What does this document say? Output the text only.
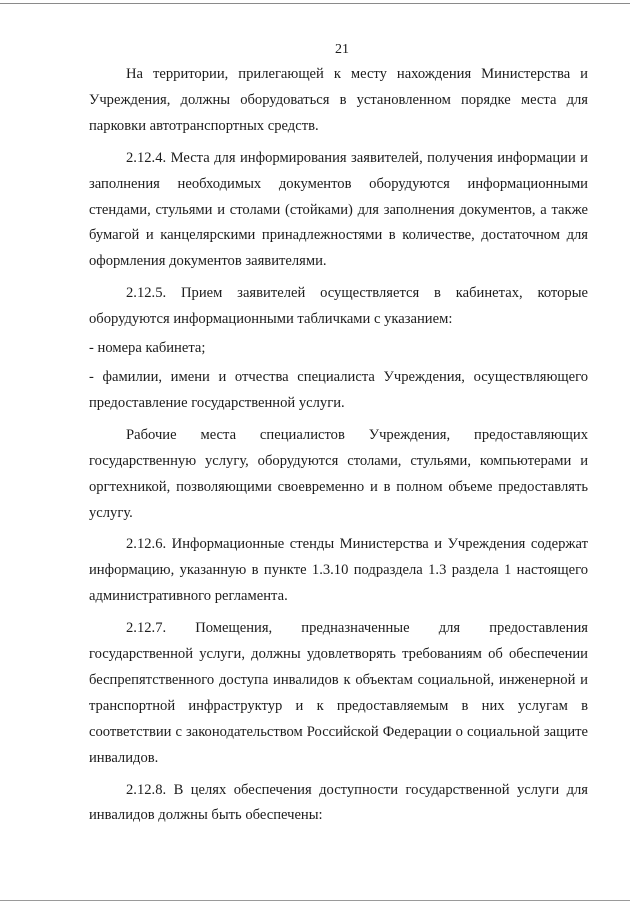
21

На территории, прилегающей к месту нахождения Министерства и Учреждения, должны оборудоваться в установленном порядке места для парковки автотранспортных средств.

2.12.4. Места для информирования заявителей, получения информации и заполнения необходимых документов оборудуются информационными стендами, стульями и столами (стойками) для заполнения документов, а также бумагой и канцелярскими принадлежностями в количестве, достаточном для оформления документов заявителями.

2.12.5. Прием заявителей осуществляется в кабинетах, которые оборудуются информационными табличками с указанием:

- номера кабинета;

- фамилии, имени и отчества специалиста Учреждения, осуществляющего предоставление государственной услуги.

Рабочие места специалистов Учреждения, предоставляющих государственную услугу, оборудуются столами, стульями, компьютерами и оргтехникой, позволяющими своевременно и в полном объеме предоставлять услугу.

2.12.6. Информационные стенды Министерства и Учреждения содержат информацию, указанную в пункте 1.3.10 подраздела 1.3 раздела 1 настоящего административного регламента.

2.12.7. Помещения, предназначенные для предоставления государственной услуги, должны удовлетворять требованиям об обеспечении беспрепятственного доступа инвалидов к объектам социальной, инженерной и транспортной инфраструктур и к предоставляемым в них услугам в соответствии с законодательством Российской Федерации о социальной защите инвалидов.

2.12.8. В целях обеспечения доступности государственной услуги для инвалидов должны быть обеспечены:
